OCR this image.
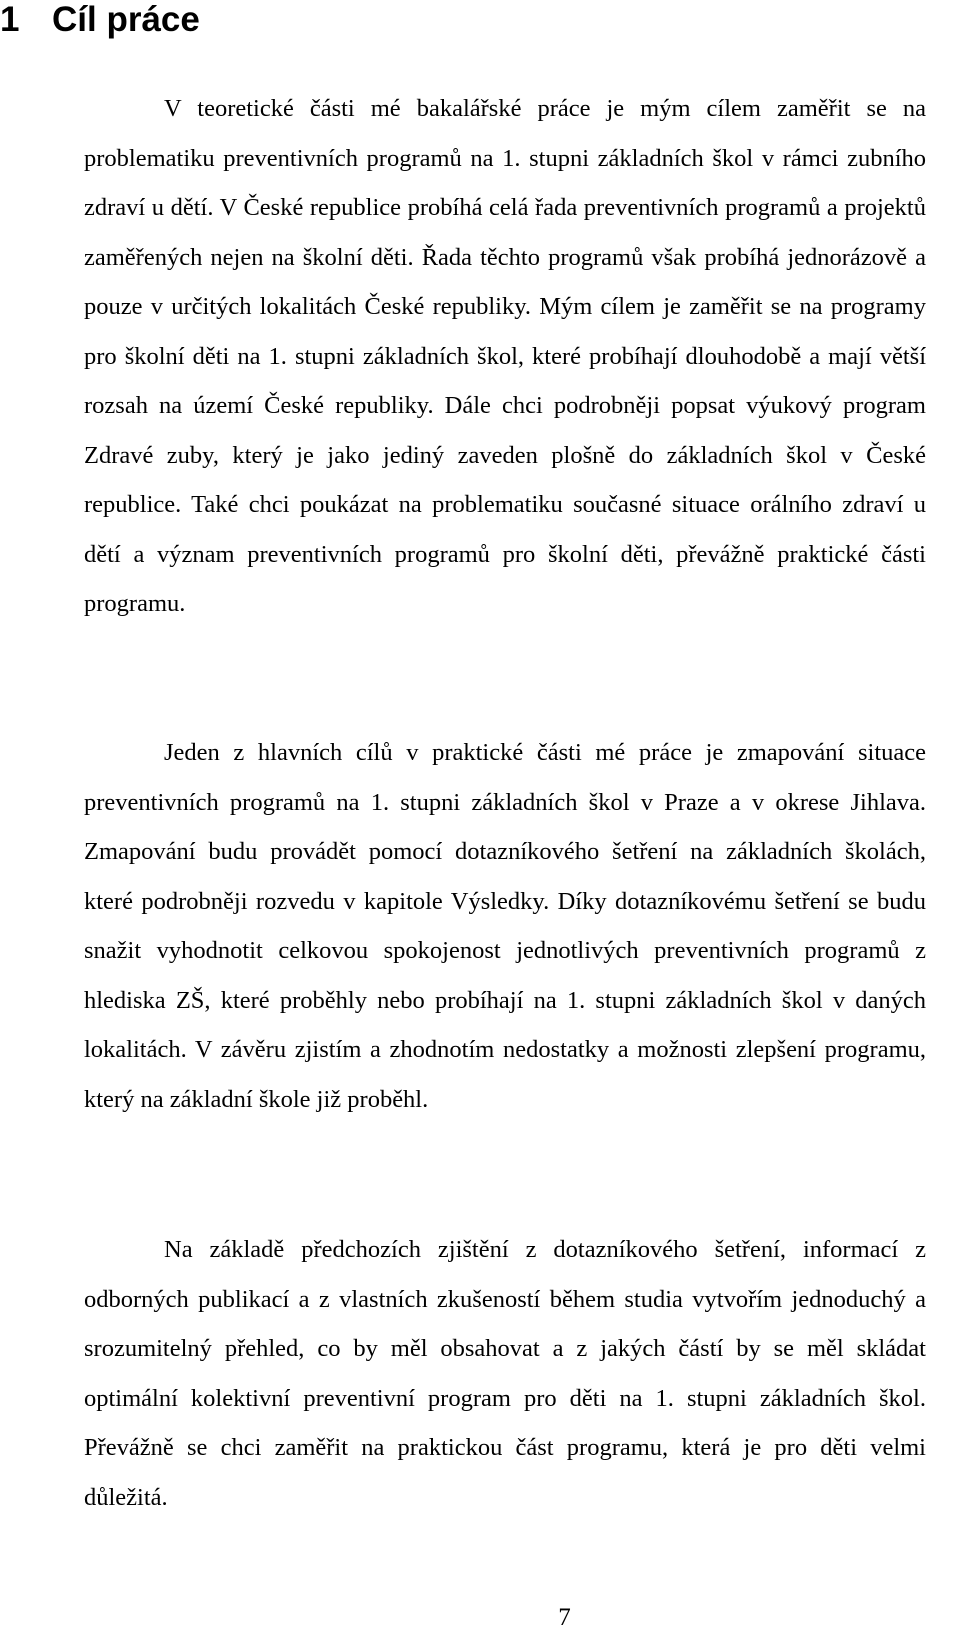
1 Cíl práce

V teoretické části mé bakalářské práce je mým cílem zaměřit se na problematiku preventivních programů na 1. stupni základních škol v rámci zubního zdraví u dětí. V České republice probíhá celá řada preventivních programů a projektů zaměřených nejen na školní děti. Řada těchto programů však probíhá jednorázově a pouze v určitých lokalitách České republiky. Mým cílem je zaměřit se na programy pro školní děti na 1. stupni základních škol, které probíhají dlouhodobě a mají větší rozsah na území České republiky. Dále chci podrobněji popsat výukový program Zdravé zuby, který je jako jediný zaveden plošně do základních škol v České republice. Také chci poukázat na problematiku současné situace orálního zdraví u dětí a význam preventivních programů pro školní děti, převážně praktické části programu.

Jeden z hlavních cílů v praktické části mé práce je zmapování situace preventivních programů na 1. stupni základních škol v Praze a v okrese Jihlava. Zmapování budu provádět pomocí dotazníkového šetření na základních školách, které podrobněji rozvedu v kapitole Výsledky. Díky dotazníkovému šetření se budu snažit vyhodnotit celkovou spokojenost jednotlivých preventivních programů z hlediska ZŠ, které proběhly nebo probíhají na 1. stupni základních škol v daných lokalitách. V závěru zjistím a zhodnotím nedostatky a možnosti zlepšení programu, který na základní škole již proběhl.

Na základě předchozích zjištění z dotazníkového šetření, informací z odborných publikací a z vlastních zkušeností během studia vytvořím jednoduchý a srozumitelný přehled, co by měl obsahovat a z jakých částí by se měl skládat optimální kolektivní preventivní program pro děti na 1. stupni základních škol. Převážně se chci zaměřit na praktickou část programu, která je pro děti velmi důležitá.

7
